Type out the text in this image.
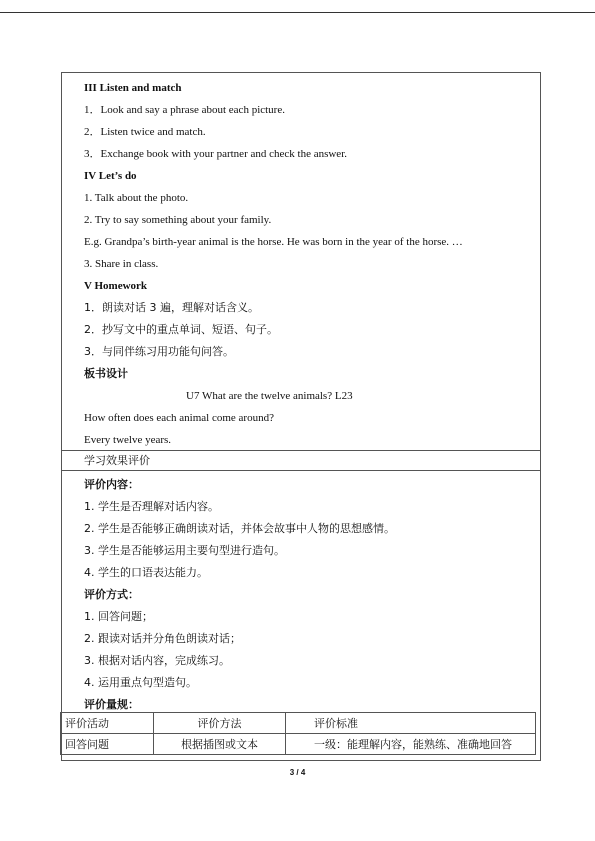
III Listen and match
1．Look and say a phrase about each picture.
2．Listen twice and match.
3．Exchange book with your partner and check the answer.
IV Let’s do
1. Talk about the photo.
2. Try to say something about your family.
E.g. Grandpa’s birth-year animal is the horse. He was born in the year of the horse. …
3. Share in class.
V Homework
1．朗读对话 3 遍，理解对话含义。
2．抄写文中的重点单词、短语、句子。
3．与同伴练习用功能句问答。
板书设计
U7 What are the twelve animals? L23
How often does each animal come around?
Every twelve years.
学习效果评价
评价内容：
1. 学生是否理解对话内容。
2. 学生是否能够正确朗读对话，并体会故事中人物的思想感情。
3. 学生是否能够运用主要句型进行造句。
4. 学生的口语表达能力。
评价方式：
1. 回答问题；
2. 跟读对话并分角色朗读对话；
3. 根据对话内容，完成练习。
4. 运用重点句型造句。
评价量规：
评价活动	评价方法	评价标准
回答问题	根据插图或文本	一级：能理解内容，能熟练、准确地回答
3 / 4
